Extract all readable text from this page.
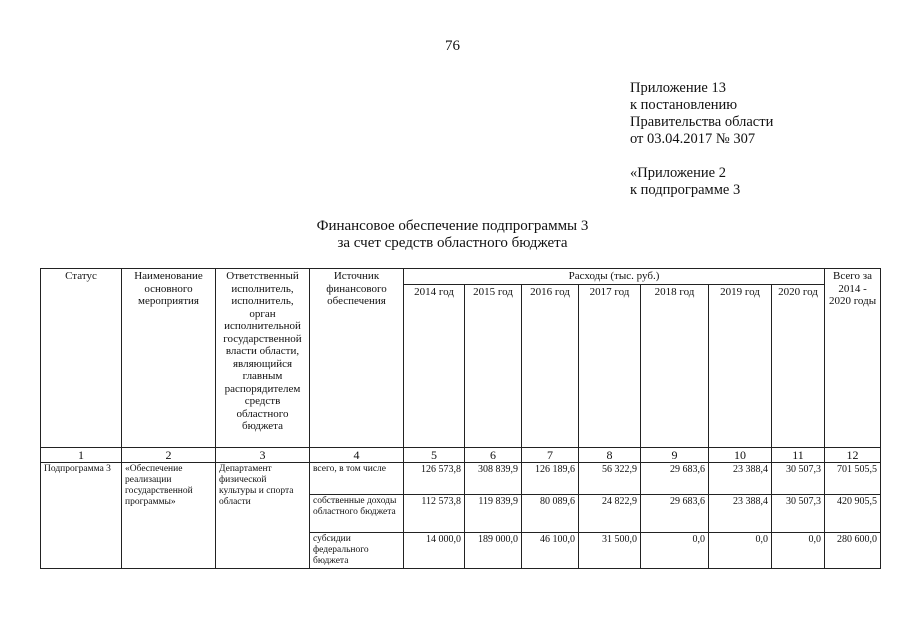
76
Приложение 13
к постановлению
Правительства области
от 03.04.2017 № 307
«Приложение 2
к подпрограмме 3
Финансовое обеспечение подпрограммы 3
за счет средств областного бюджета
Статус	Наименование основного мероприятия	Ответственный исполнитель, исполнитель, орган исполнительной государственной власти области, являющийся главным распорядителем средств областного бюджета	Источник финансового обеспечения	Расходы (тыс. руб.)							Всего за 2014 - 2020 годы
				2014 год	2015 год	2016 год	2017 год	2018 год	2019 год	2020 год	
1	2	3	4	5	6	7	8	9	10	11	12
Подпрограмма 3	«Обеспечение реализации государственной программы»	Департамент физической культуры и спорта области	всего, в том числе	126 573,8	308 839,9	126 189,6	56 322,9	29 683,6	23 388,4	30 507,3	701 505,5
			собственные доходы областного бюджета	112 573,8	119 839,9	80 089,6	24 822,9	29 683,6	23 388,4	30 507,3	420 905,5
			субсидии федерального бюджета	14 000,0	189 000,0	46 100,0	31 500,0	0,0	0,0	0,0	280 600,0
